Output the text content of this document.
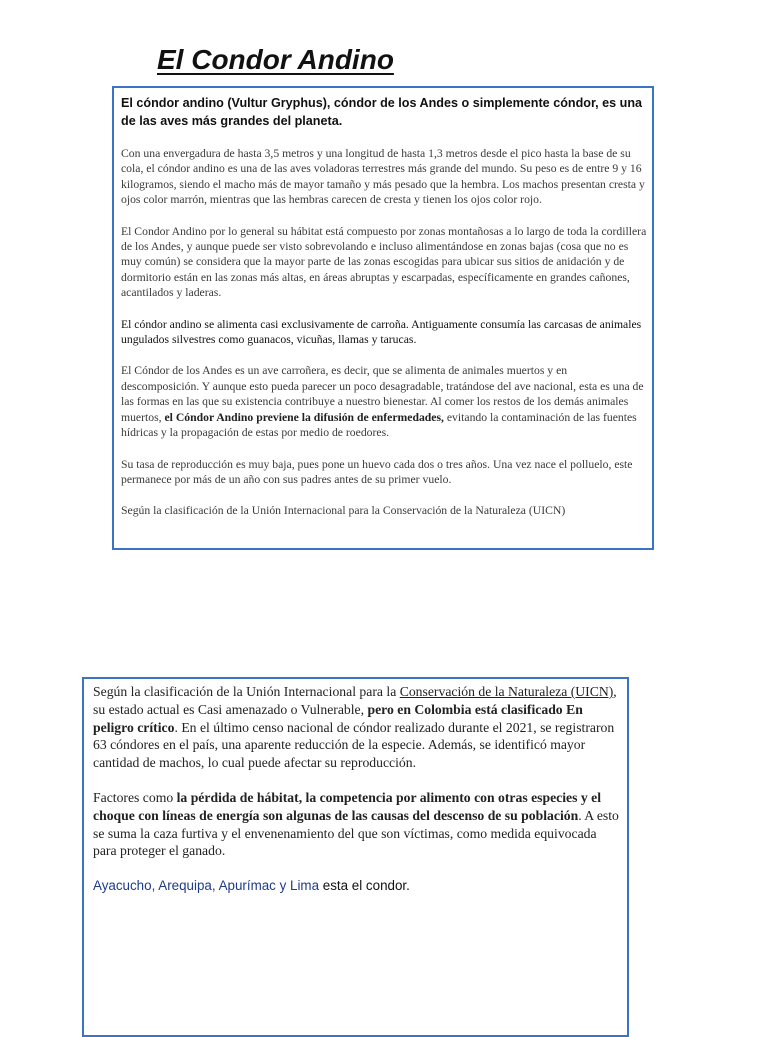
El Condor Andino
El cóndor andino (Vultur Gryphus), cóndor de los Andes o simplemente cóndor, es una de las aves más grandes del planeta.

Con una envergadura de hasta 3,5 metros y una longitud de hasta 1,3 metros desde el pico hasta la base de su cola, el cóndor andino es una de las aves voladoras terrestres más grande del mundo. Su peso es de entre 9 y 16 kilogramos, siendo el macho más de mayor tamaño y más pesado que la hembra. Los machos presentan cresta y ojos color marrón, mientras que las hembras carecen de cresta y tienen los ojos color rojo.

El Condor Andino por lo general su hábitat está compuesto por zonas montañosas a lo largo de toda la cordillera de los Andes, y aunque puede ser visto sobrevolando e incluso alimentándose en zonas bajas (cosa que no es muy común) se considera que la mayor parte de las zonas escogidas para ubicar sus sitios de anidación y de dormitorio están en las zonas más altas, en áreas abruptas y escarpadas, específicamente en grandes cañones, acantilados y laderas.

El cóndor andino se alimenta casi exclusivamente de carroña. Antiguamente consumía las carcasas de animales ungulados silvestres como guanacos, vicuñas, llamas y tarucas.

El Cóndor de los Andes es un ave carroñera, es decir, que se alimenta de animales muertos y en descomposición. Y aunque esto pueda parecer un poco desagradable, tratándose del ave nacional, esta es una de las formas en las que su existencia contribuye a nuestro bienestar. Al comer los restos de los demás animales muertos, el Cóndor Andino previene la difusión de enfermedades, evitando la contaminación de las fuentes hídricas y la propagación de estas por medio de roedores.

Su tasa de reproducción es muy baja, pues pone un huevo cada dos o tres años. Una vez nace el polluelo, este permanece por más de un año con sus padres antes de su primer vuelo.

Según la clasificación de la Unión Internacional para la Conservación de la Naturaleza (UICN)

Según la clasificación de la Unión Internacional para la Conservación de la Naturaleza (UICN), su estado actual es Casi amenazado o Vulnerable, pero en Colombia está clasificado En peligro crítico. En el último censo nacional de cóndor realizado durante el 2021, se registraron 63 cóndores en el país, una aparente reducción de la especie. Además, se identificó mayor cantidad de machos, lo cual puede afectar su reproducción.

Factores como la pérdida de hábitat, la competencia por alimento con otras especies y el choque con líneas de energía son algunas de las causas del descenso de su población. A esto se suma la caza furtiva y el envenenamiento del que son víctimas, como medida equivocada para proteger el ganado.

Ayacucho, Arequipa, Apurímac y Lima esta el condor.
